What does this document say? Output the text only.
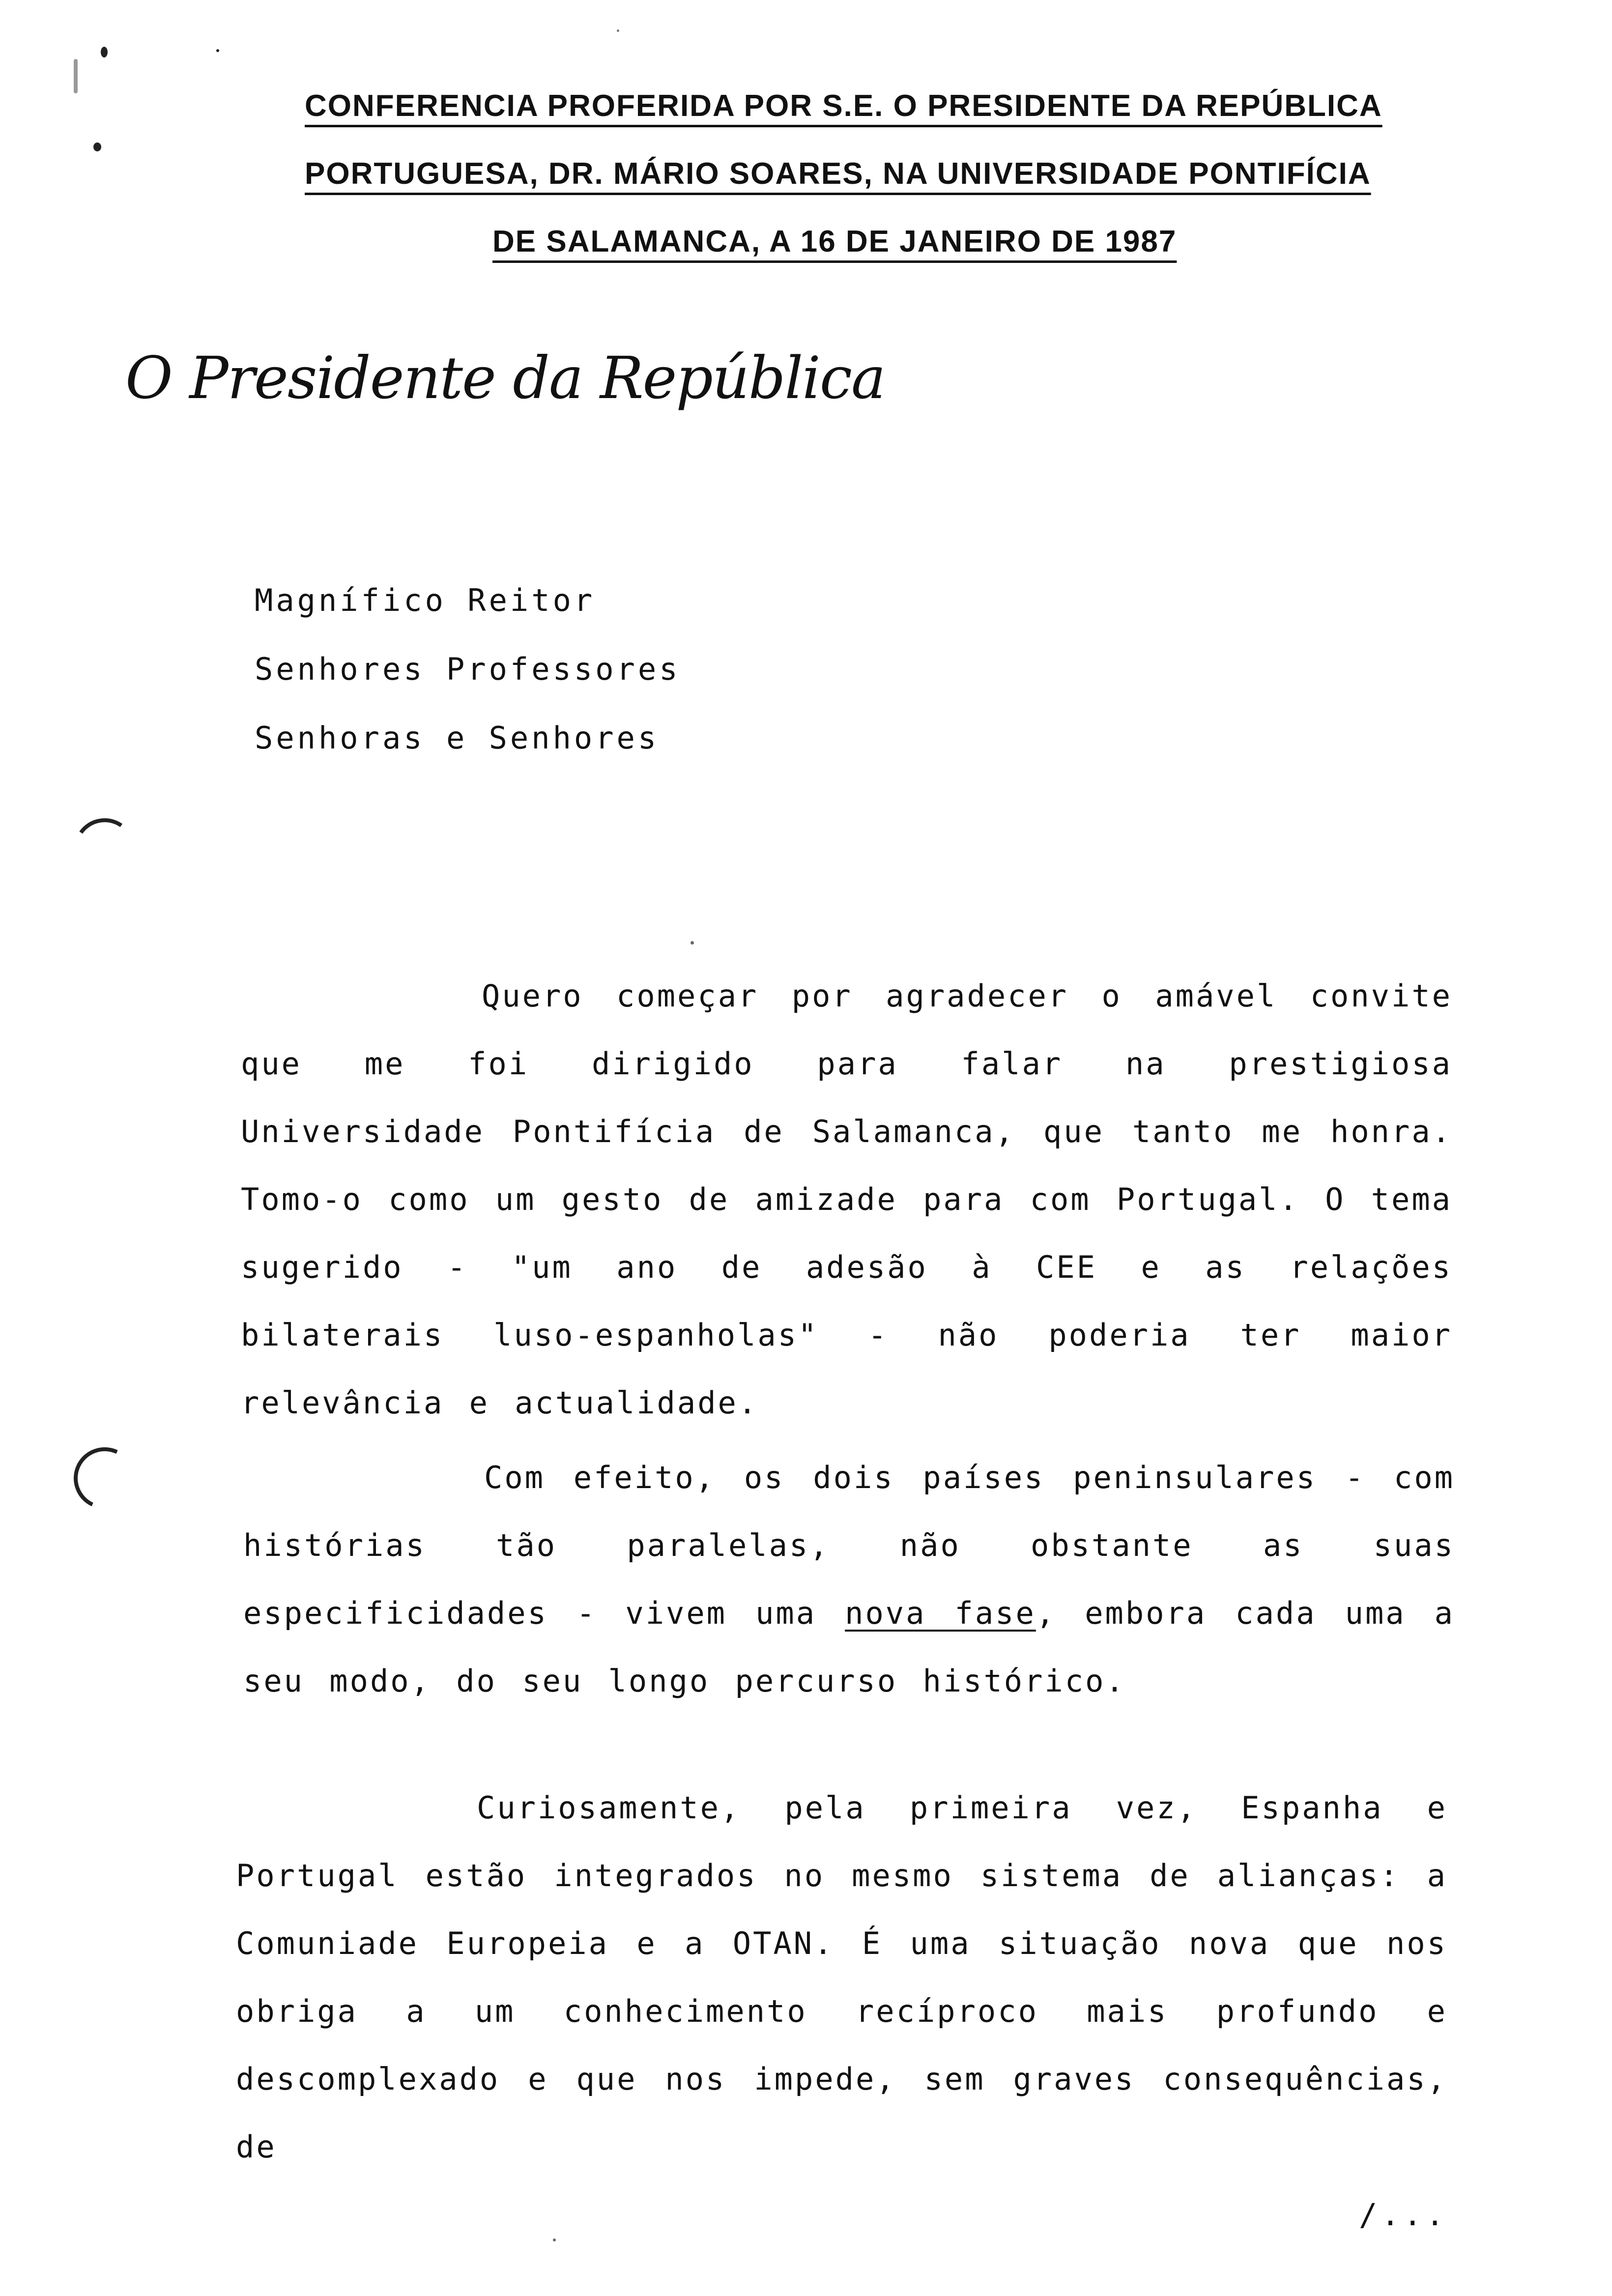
CONFERENCIA PROFERIDA POR S.E. O PRESIDENTE DA REPÚBLICA
PORTUGUESA, DR. MÁRIO SOARES, NA UNIVERSIDADE PONTIFÍCIA
DE SALAMANCA, A 16 DE JANEIRO DE 1987
O Presidente da República
Magnífico Reitor
Senhores Professores
Senhoras e Senhores
Quero começar por agradecer o amável convite que me foi dirigido para falar na prestigiosa Universidade Pontifícia de Salamanca, que tanto me honra. Tomo-o como um gesto de amizade para com Portugal. O tema sugerido - "um ano de adesão à CEE e as relações bilaterais luso-espanholas" - não poderia ter maior relevância e actualidade.
Com efeito, os dois países peninsulares - com histórias tão paralelas, não obstante as suas especificidades - vivem uma nova fase, embora cada uma a seu modo, do seu longo percurso histórico.
Curiosamente, pela primeira vez, Espanha e Portugal estão integrados no mesmo sistema de alianças: a Comuniade Europeia e a OTAN. É uma situação nova que nos obriga a um conhecimento recíproco mais profundo e descomplexado e que nos impede, sem graves consequências, de
/...
